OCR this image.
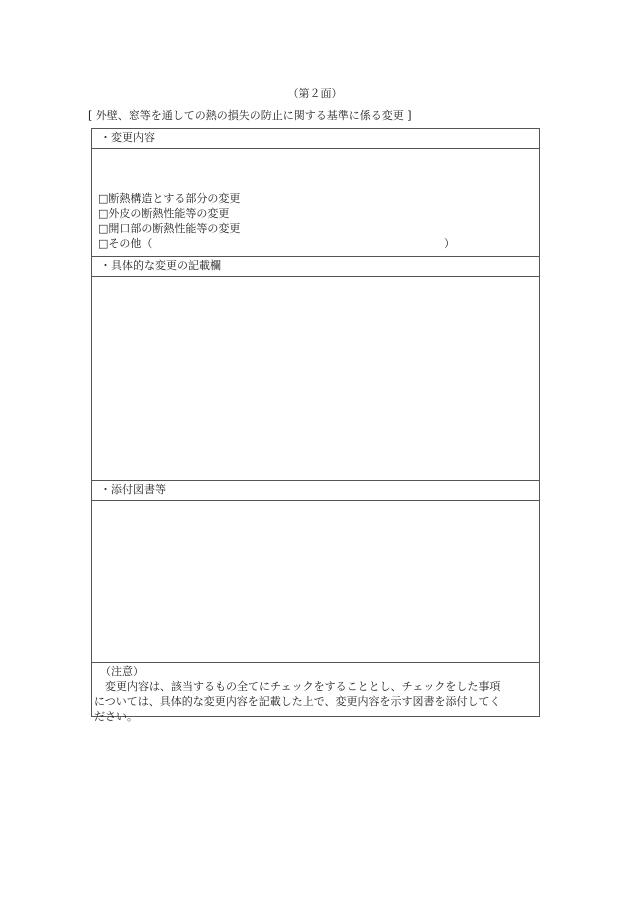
（第２面）
[ 外壁、窓等を通しての熱の損失の防止に関する基準に係る変更 ]
・変更内容
□断熱構造とする部分の変更
□外皮の断熱性能等の変更
□開口部の断熱性能等の変更
□その他（	）
・具体的な変更の記載欄
・添付図書等
（注意）
変更内容は、該当するもの全てにチェックをすることとし、チェックをした事項
については、具体的な変更内容を記載した上で、変更内容を示す図書を添付してく
ださい。
